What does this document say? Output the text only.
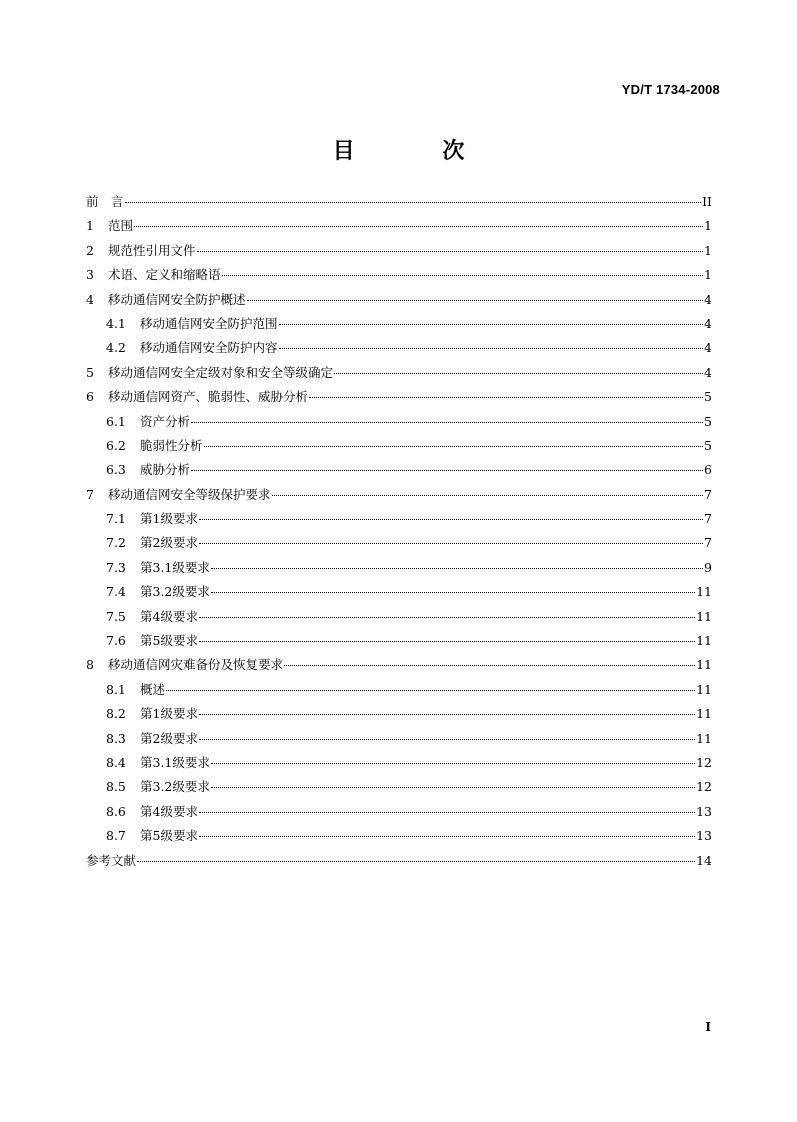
YD/T 1734-2008
目 次
前　言	II
1	范围	1
2	规范性引用文件	1
3	术语、定义和缩略语	1
4	移动通信网安全防护概述	4
4.1	移动通信网安全防护范围	4
4.2	移动通信网安全防护内容	4
5	移动通信网安全定级对象和安全等级确定	4
6	移动通信网资产、脆弱性、威胁分析	5
6.1	资产分析	5
6.2	脆弱性分析	5
6.3	威胁分析	6
7	移动通信网安全等级保护要求	7
7.1	第1级要求	7
7.2	第2级要求	7
7.3	第3.1级要求	9
7.4	第3.2级要求	11
7.5	第4级要求	11
7.6	第5级要求	11
8	移动通信网灾难备份及恢复要求	11
8.1	概述	11
8.2	第1级要求	11
8.3	第2级要求	11
8.4	第3.1级要求	12
8.5	第3.2级要求	12
8.6	第4级要求	13
8.7	第5级要求	13
参考文献	14
I
